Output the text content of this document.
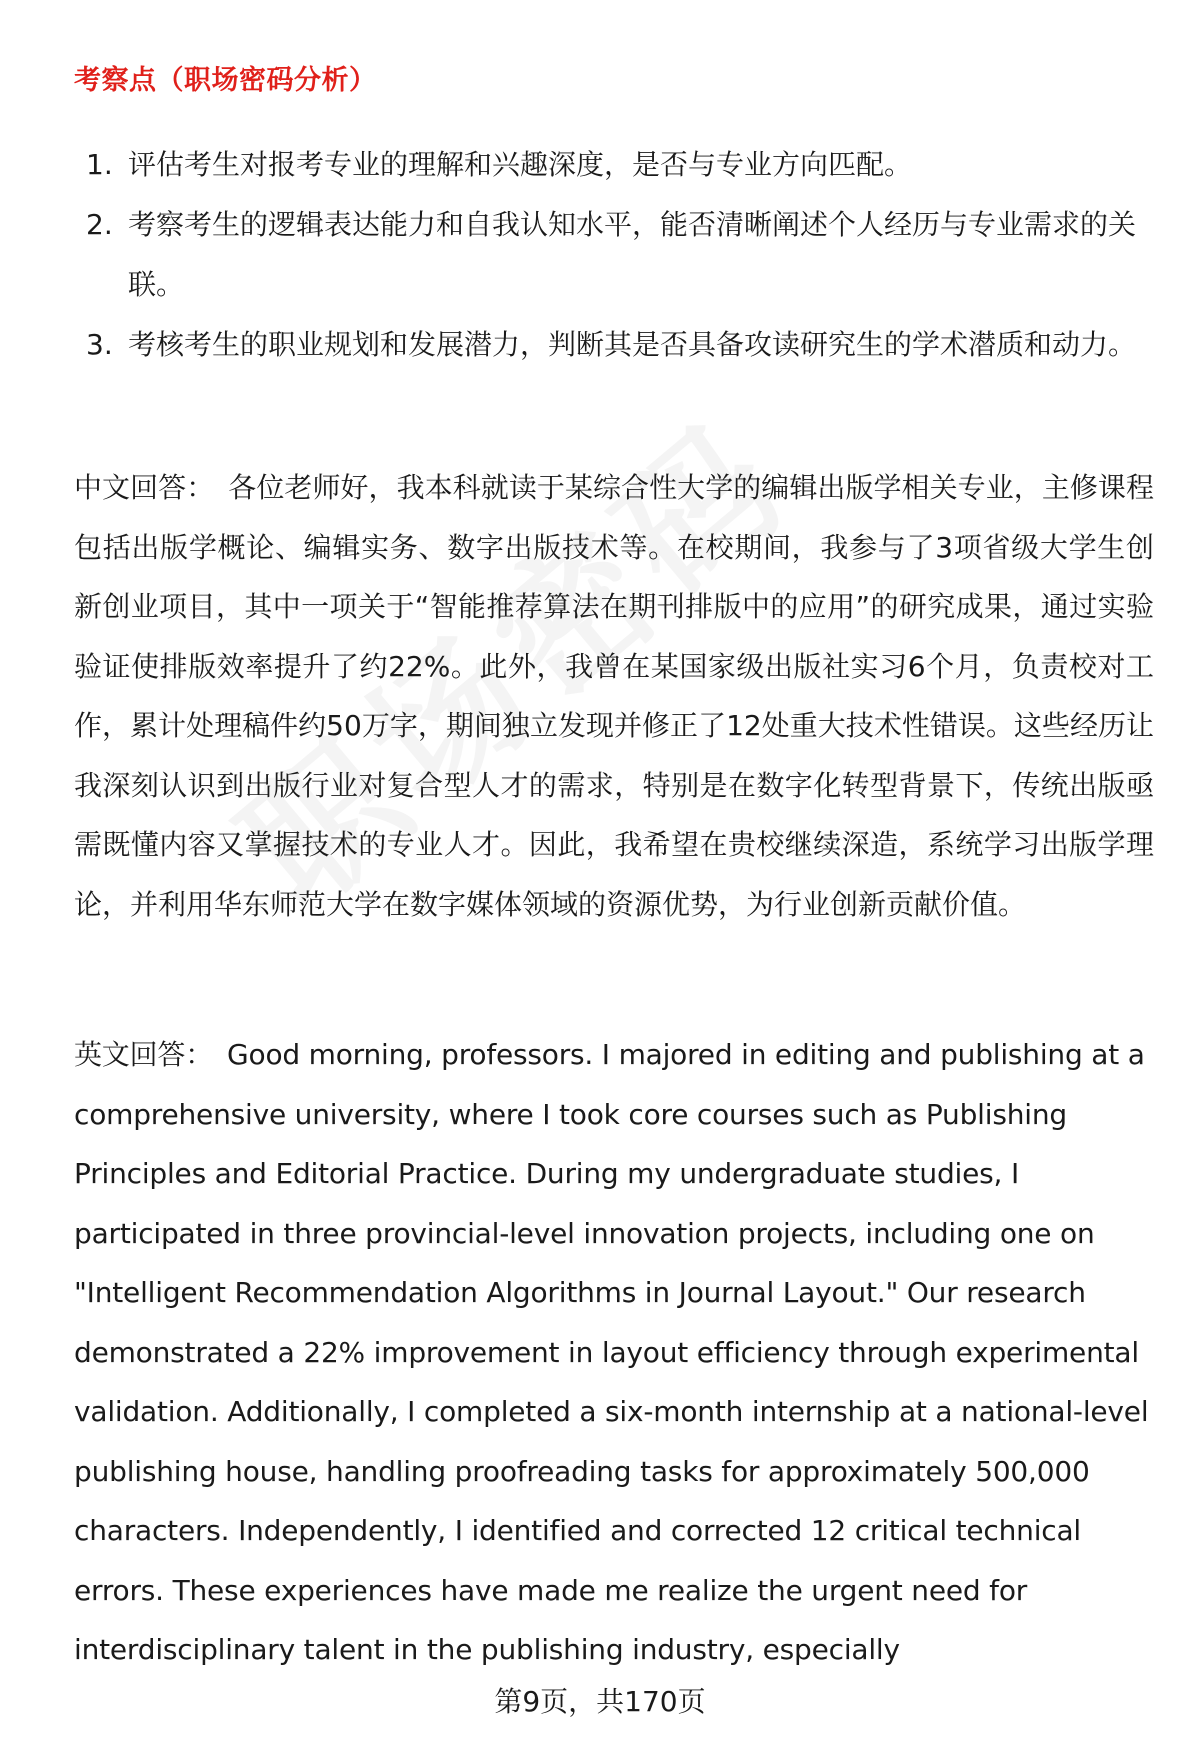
考察点（职场密码分析）
1. 评估考生对报考专业的理解和兴趣深度，是否与专业方向匹配。
2. 考察考生的逻辑表达能力和自我认知水平，能否清晰阐述个人经历与专业需求的关联。
3. 考核考生的职业规划和发展潜力，判断其是否具备攻读研究生的学术潜质和动力。

中文回答： 各位老师好，我本科就读于某综合性大学的编辑出版学相关专业，主修课程包括出版学概论、编辑实务、数字出版技术等。在校期间，我参与了3项省级大学生创新创业项目，其中一项关于“智能推荐算法在期刊排版中的应用”的研究成果，通过实验验证使排版效率提升了约22%。此外，我曾在某国家级出版社实习6个月，负责校对工作，累计处理稿件约50万字，期间独立发现并修正了12处重大技术性错误。这些经历让我深刻认识到出版行业对复合型人才的需求，特别是在数字化转型背景下，传统出版亟需既懂内容又掌握技术的专业人才。因此，我希望在贵校继续深造，系统学习出版学理论，并利用华东师范大学在数字媒体领域的资源优势，为行业创新贡献价值。

英文回答： Good morning, professors. I majored in editing and publishing at a comprehensive university, where I took core courses such as Publishing Principles and Editorial Practice. During my undergraduate studies, I participated in three provincial-level innovation projects, including one on "Intelligent Recommendation Algorithms in Journal Layout." Our research demonstrated a 22% improvement in layout efficiency through experimental validation. Additionally, I completed a six-month internship at a national-level publishing house, handling proofreading tasks for approximately 500,000 characters. Independently, I identified and corrected 12 critical technical errors. These experiences have made me realize the urgent need for interdisciplinary talent in the publishing industry, especially

第9页，共170页
